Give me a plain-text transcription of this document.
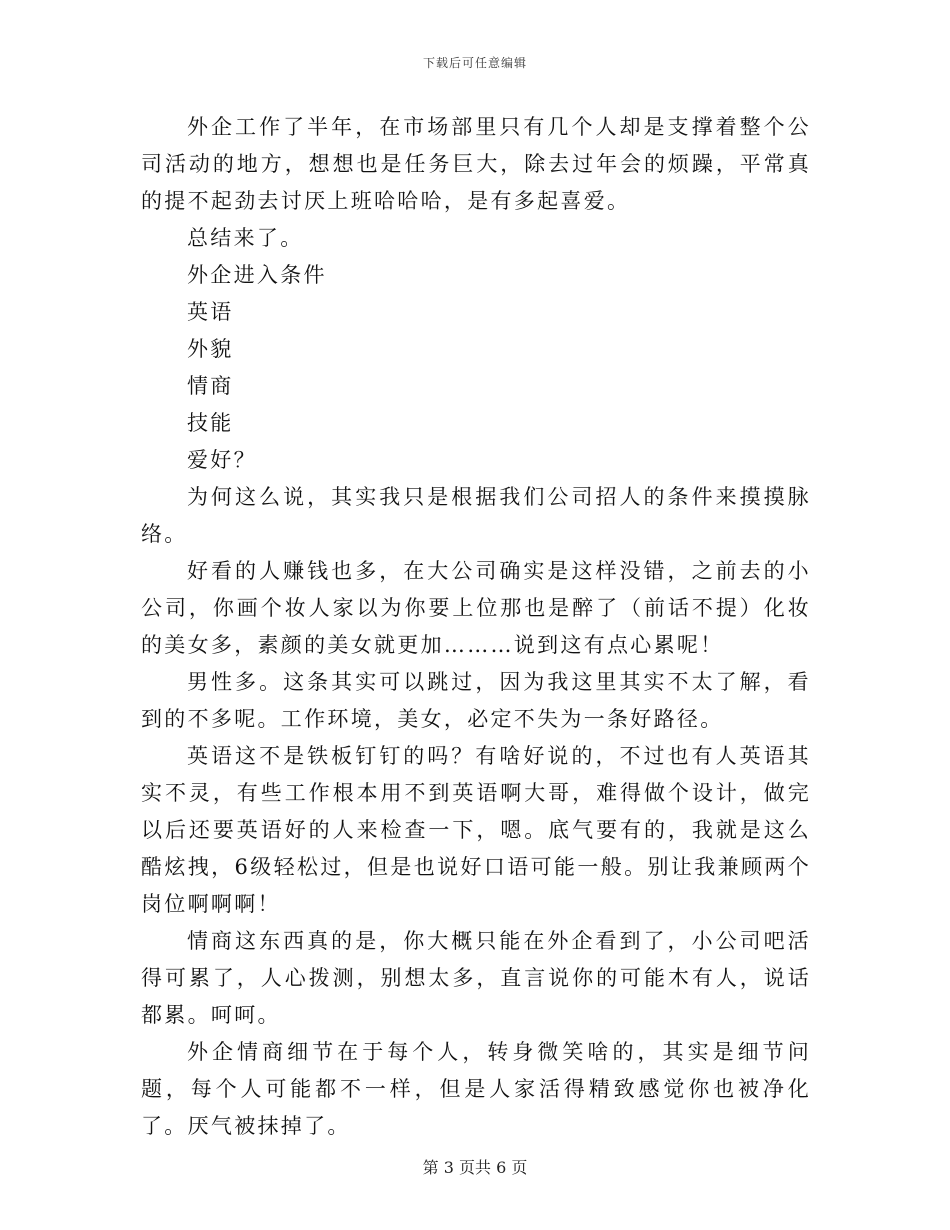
下载后可任意编辑

外企工作了半年，在市场部里只有几个人却是支撑着整个公司活动的地方，想想也是任务巨大，除去过年会的烦躁，平常真的提不起劲去讨厌上班哈哈哈，是有多起喜爱。

总结来了。

外企进入条件

英语

外貌

情商

技能

爱好？

为何这么说，其实我只是根据我们公司招人的条件来摸摸脉络。

好看的人赚钱也多，在大公司确实是这样没错，之前去的小公司，你画个妆人家以为你要上位那也是醉了（前话不提）化妆的美女多，素颜的美女就更加………说到这有点心累呢！

男性多。这条其实可以跳过，因为我这里其实不太了解，看到的不多呢。工作环境，美女，必定不失为一条好路径。

英语这不是铁板钉钉的吗？有啥好说的，不过也有人英语其实不灵，有些工作根本用不到英语啊大哥，难得做个设计，做完以后还要英语好的人来检查一下，嗯。底气要有的，我就是这么酷炫拽，6级轻松过，但是也说好口语可能一般。别让我兼顾两个岗位啊啊啊！

情商这东西真的是，你大概只能在外企看到了，小公司吧活得可累了，人心拨测，别想太多，直言说你的可能木有人，说话都累。呵呵。

外企情商细节在于每个人，转身微笑啥的，其实是细节问题，每个人可能都不一样，但是人家活得精致感觉你也被净化了。厌气被抹掉了。

第 3 页共 6 页
